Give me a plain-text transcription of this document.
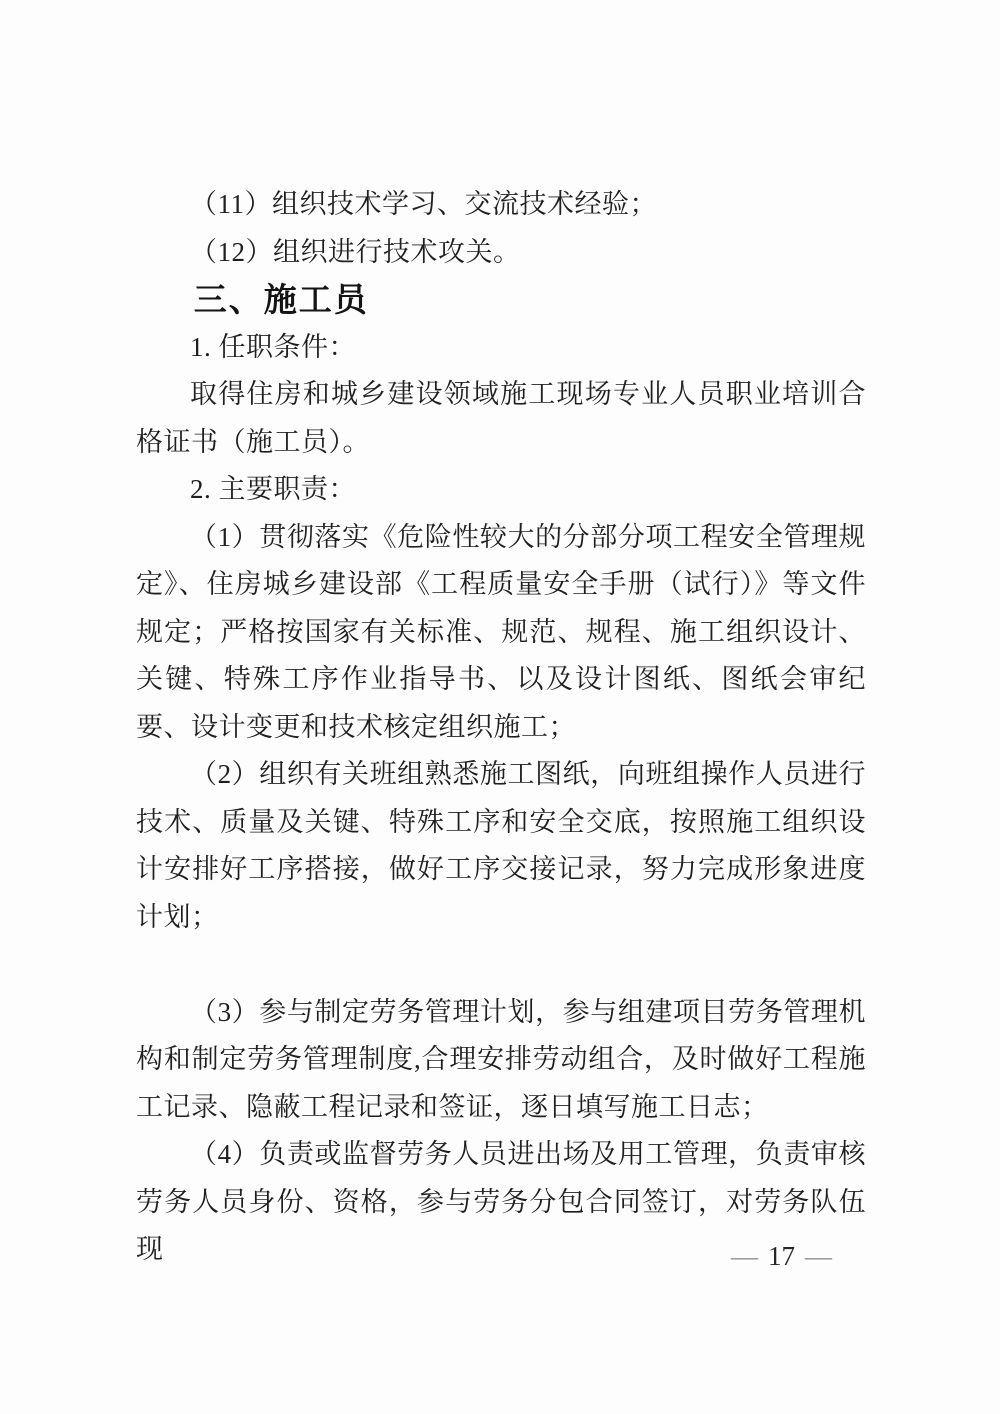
（11）组织技术学习、交流技术经验；

（12）组织进行技术攻关。

三、施工员

1. 任职条件：

取得住房和城乡建设领域施工现场专业人员职业培训合格证书（施工员）。

2. 主要职责：

（1）贯彻落实《危险性较大的分部分项工程安全管理规定》、住房城乡建设部《工程质量安全手册（试行）》等文件规定；严格按国家有关标准、规范、规程、施工组织设计、关键、特殊工序作业指导书、以及设计图纸、图纸会审纪要、设计变更和技术核定组织施工；

（2）组织有关班组熟悉施工图纸，向班组操作人员进行技术、质量及关键、特殊工序和安全交底，按照施工组织设计安排好工序搭接，做好工序交接记录，努力完成形象进度计划；

（3）参与制定劳务管理计划，参与组建项目劳务管理机构和制定劳务管理制度,合理安排劳动组合，及时做好工程施工记录、隐蔽工程记录和签证，逐日填写施工日志；

（4）负责或监督劳务人员进出场及用工管理，负责审核劳务人员身份、资格，参与劳务分包合同签订，对劳务队伍现	— 17 —
